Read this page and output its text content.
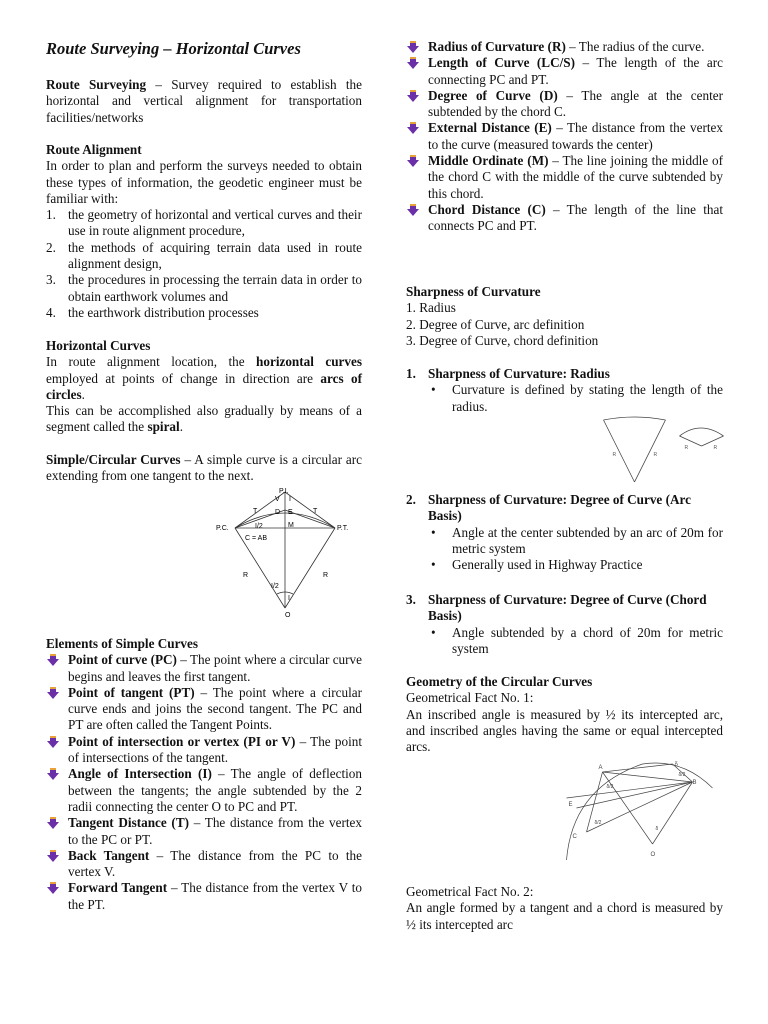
Route Surveying – Horizontal Curves

Route Surveying – Survey required to establish the horizontal and vertical alignment for transportation facilities/networks

Route Alignment

In order to plan and perform the surveys needed to obtain these types of information, the geodetic engineer must be familiar with:

1. the geometry of horizontal and vertical curves and their use in route alignment procedure,
2. the methods of acquiring terrain data used in route alignment design,
3. the procedures in processing the terrain data in order to obtain earthwork volumes and
4. the earthwork distribution processes

Horizontal Curves

In route alignment location, the horizontal curves employed at points of change in direction are arcs of circles.

This can be accomplished also gradually by means of a segment called the spiral.

Simple/Circular Curves – A simple curve is a circular arc extending from one tangent to the next.

P.I.
V I
T	T
D E
P.C.	P.T.
I/2	M
C = AB
R	R
I/2
I
O

Elements of Simple Curves

Point of curve (PC) – The point where a circular curve begins and leaves the first tangent.
Point of tangent (PT) – The point where a circular curve ends and joins the second tangent. The PC and PT are often called the Tangent Points.
Point of intersection or vertex (PI or V) – The point of intersections of the tangent.
Angle of Intersection (I) – The angle of deflection between the tangents; the angle subtended by the 2 radii connecting the center O to PC and PT.
Tangent Distance (T) – The distance from the vertex to the PC or PT.
Back Tangent – The distance from the PC to the vertex V.
Forward Tangent – The distance from the vertex V to the PT.
Radius of Curvature (R) – The radius of the curve.
Length of Curve (LC/S) – The length of the arc connecting PC and PT.
Degree of Curve (D) – The angle at the center subtended by the chord C.
External Distance (E) – The distance from the vertex to the curve (measured towards the center)
Middle Ordinate (M) – The line joining the middle of the chord C with the middle of the curve subtended by this chord.
Chord Distance (C) – The length of the line that connects PC and PT.

Sharpness of Curvature

1. Radius

2. Degree of Curve, arc definition

3. Degree of Curve, chord definition

1. Sharpness of Curvature: Radius
• Curvature is defined by stating the length of the radius.
R	R
R	R
2. Sharpness of Curvature: Degree of Curve (Arc Basis)
• Angle at the center subtended by an arc of 20m for metric system
• Generally used in Highway Practice
3. Sharpness of Curvature: Degree of Curve (Chord Basis)
• Angle subtended by a chord of 20m for metric system

Geometry of the Circular Curves

Geometrical Fact No. 1:

An inscribed angle is measured by ½ its intercepted arc, and inscribed angles having the same or equal intercepted arcs.

A
B
C
δ
E
O
δ/2
δ/2
δ/2
δ

Geometrical Fact No. 2:

An angle formed by a tangent and a chord is measured by ½ its intercepted arc
